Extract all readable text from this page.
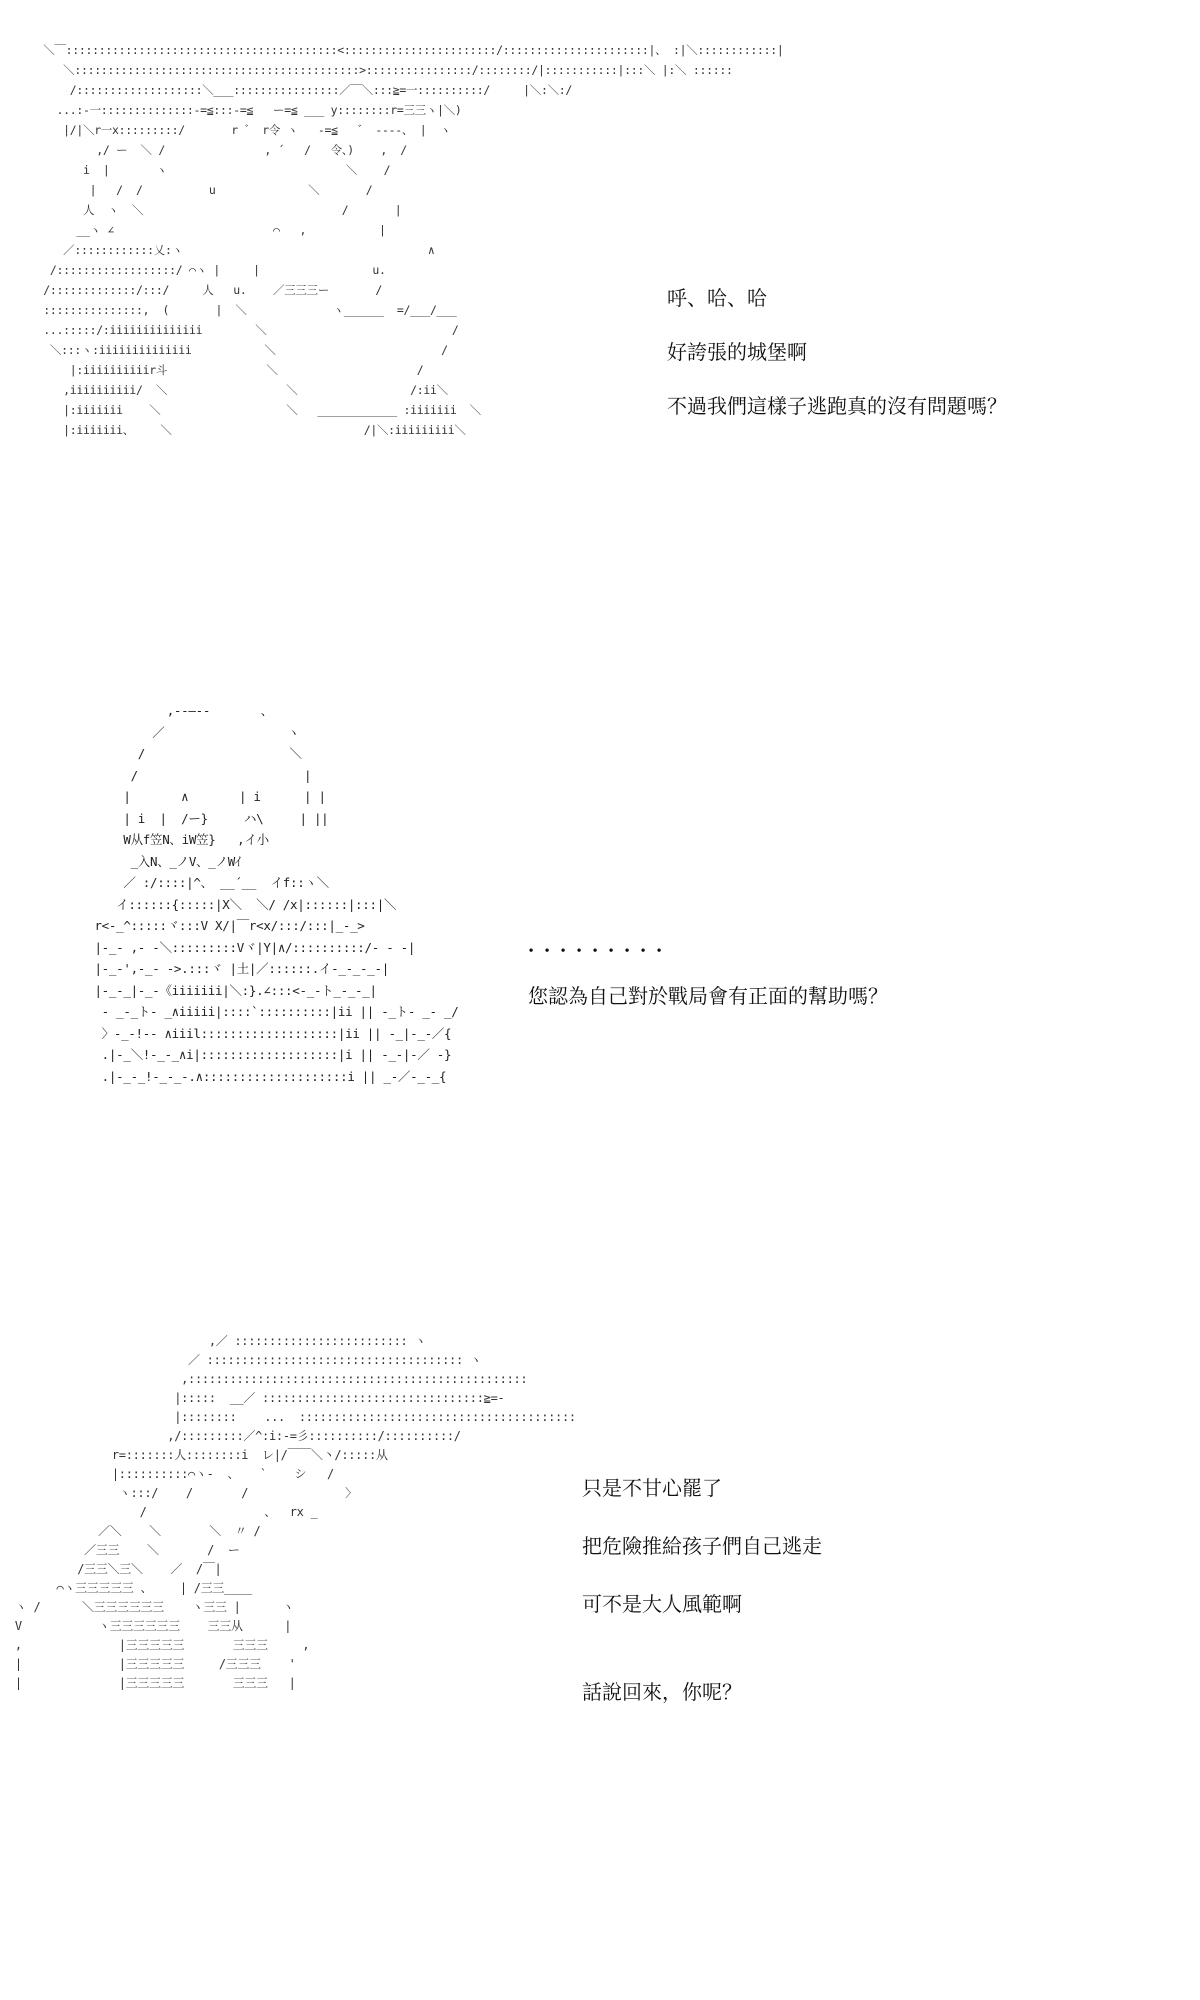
＼￣:::::::::::::::::::::::::::::::::::::::::<:::::::::::::::::::::::/::::::::::::::::::::::|、 :|＼::::::::::::|
＼:::::::::::::::::::::::::::::::::::::::::::>::::::::::::::::/::::::::/|:::::::::::|:::＼ |:＼ ::::::
/:::::::::::::::::::＼___::::::::::::::::／￣＼:::≧=一::::::::::/     |＼:＼:/
...:-一::::::::::::::-=≦:::-=≦   ー=≦ ___ y::::::::r=三三ヽ|＼)
|/|＼r一x:::::::::/       r ゛ r令 ヽ   -=≦   ゛ ‐‐--、 |  ヽ
,/ ー  ＼ /               , ´   /   令、)    ,  /
i  |       ヽ                           ＼    /
|   /  /          u              ＼       /
人  ヽ  ＼                              /       |
__ヽ ∠                        ⌒   ,           |
／::::::::::::乂:ヽ                                     ∧
/::::::::::::::::::/ ⌒ヽ |     |                 u.
/:::::::::::::/:::/     人   u.    ／三三三ー       /
:::::::::::::::,  (       |  ＼             ヽ______  =/___/___
...:::::/:iiiiiiiiiiiiii        ＼                            /
＼:::ヽ:iiiiiiiiiiiiii           ＼                         /
|:iiiiiiiiiir斗               ＼                     /
,iiiiiiiiii/  ＼                  ＼                 /:ii＼
|:iiiiiii    ＼                   ＼   ____________ :iiiiiii  ＼
|:iiiiiii、    ＼                             /|＼:iiiiiiiii＼
呼、哈、哈
好誇張的城堡啊
不過我們這樣子逃跑真的沒有問題嗎？
,--―-‐       、
／                 ヽ
/                    ＼
/                       |
|       ∧       | i      | |
| i  |  /ー}     ハ\     | ||
W从f笠N、iW笠}   ,イ小
_入N、_ノV、_ノWｲ
／ :/::::|^、 __´__  イf::ヽ＼
イ::::::{:::::|X＼  ＼/ /x|::::::|:::|＼
r<‐_^:::::ヾ:::V X/|￣r<x/:::/:::|_-_>
|‐_- ,- -＼:::::::::Vヾ|Y|∧/::::::::::/‐ - -|
|‐_-',-_- ->.:::ヾ |土|／::::::.イ‐_-_-_-|
|‐_-_|‐_-《iiiiiii|＼:}.∠:::<‐_-ト_-_-_|
‐ _-_ト- _∧iiiii|::::`::::::::::|ii || ‐_ト- _- _/
〉‐_-!‐- ∧iiil:::::::::::::::::::|ii || ‐_|‐_-／{
.|‐_＼!‐_-_∧i|:::::::::::::::::::|i || ‐_-|‐／ ‐}
.|‐_-_!‐_-_-.∧::::::::::::::::::::i || _-／‐_-_{
．．．．．．．．．
您認為自己對於戰局會有正面的幫助嗎？
,／ ::::::::::::::::::::::::: ヽ
／ ::::::::::::::::::::::::::::::::::::: ヽ
,:::::::::::::::::::::::::::::::::::::::::::::::::
|:::::  __／ ::::::::::::::::::::::::::::::::≧=‐
|::::::::    ...  ::::::::::::::::::::::::::::::::::::::::
,/:::::::::／^:i:-=彡::::::::::/::::::::::/
r=:::::::人::::::::i  レ|/￣￣＼丶/:::::从
|::::::::::⌒ヽ-  、   `    シ   /
ヽ:::/    /       /              〉
/                 、  rx _
／＼    ＼       ＼  〃 /
／三三    ＼       /  ー
/三三＼三＼    ／  /￣|
⌒ヽ三三三三三 、    | /三三____
ヽ /      ＼三三三三三三    ヽ三三 |      ヽ
V           ヽ三三三三三三    三三从      |
,              |三三三三三       三三三     ,
|              |三三三三三     /三三三    '
|              |三三三三三       三三三   |
只是不甘心罷了
把危險推給孩子們自己逃走
可不是大人風範啊
話說回來，你呢？
